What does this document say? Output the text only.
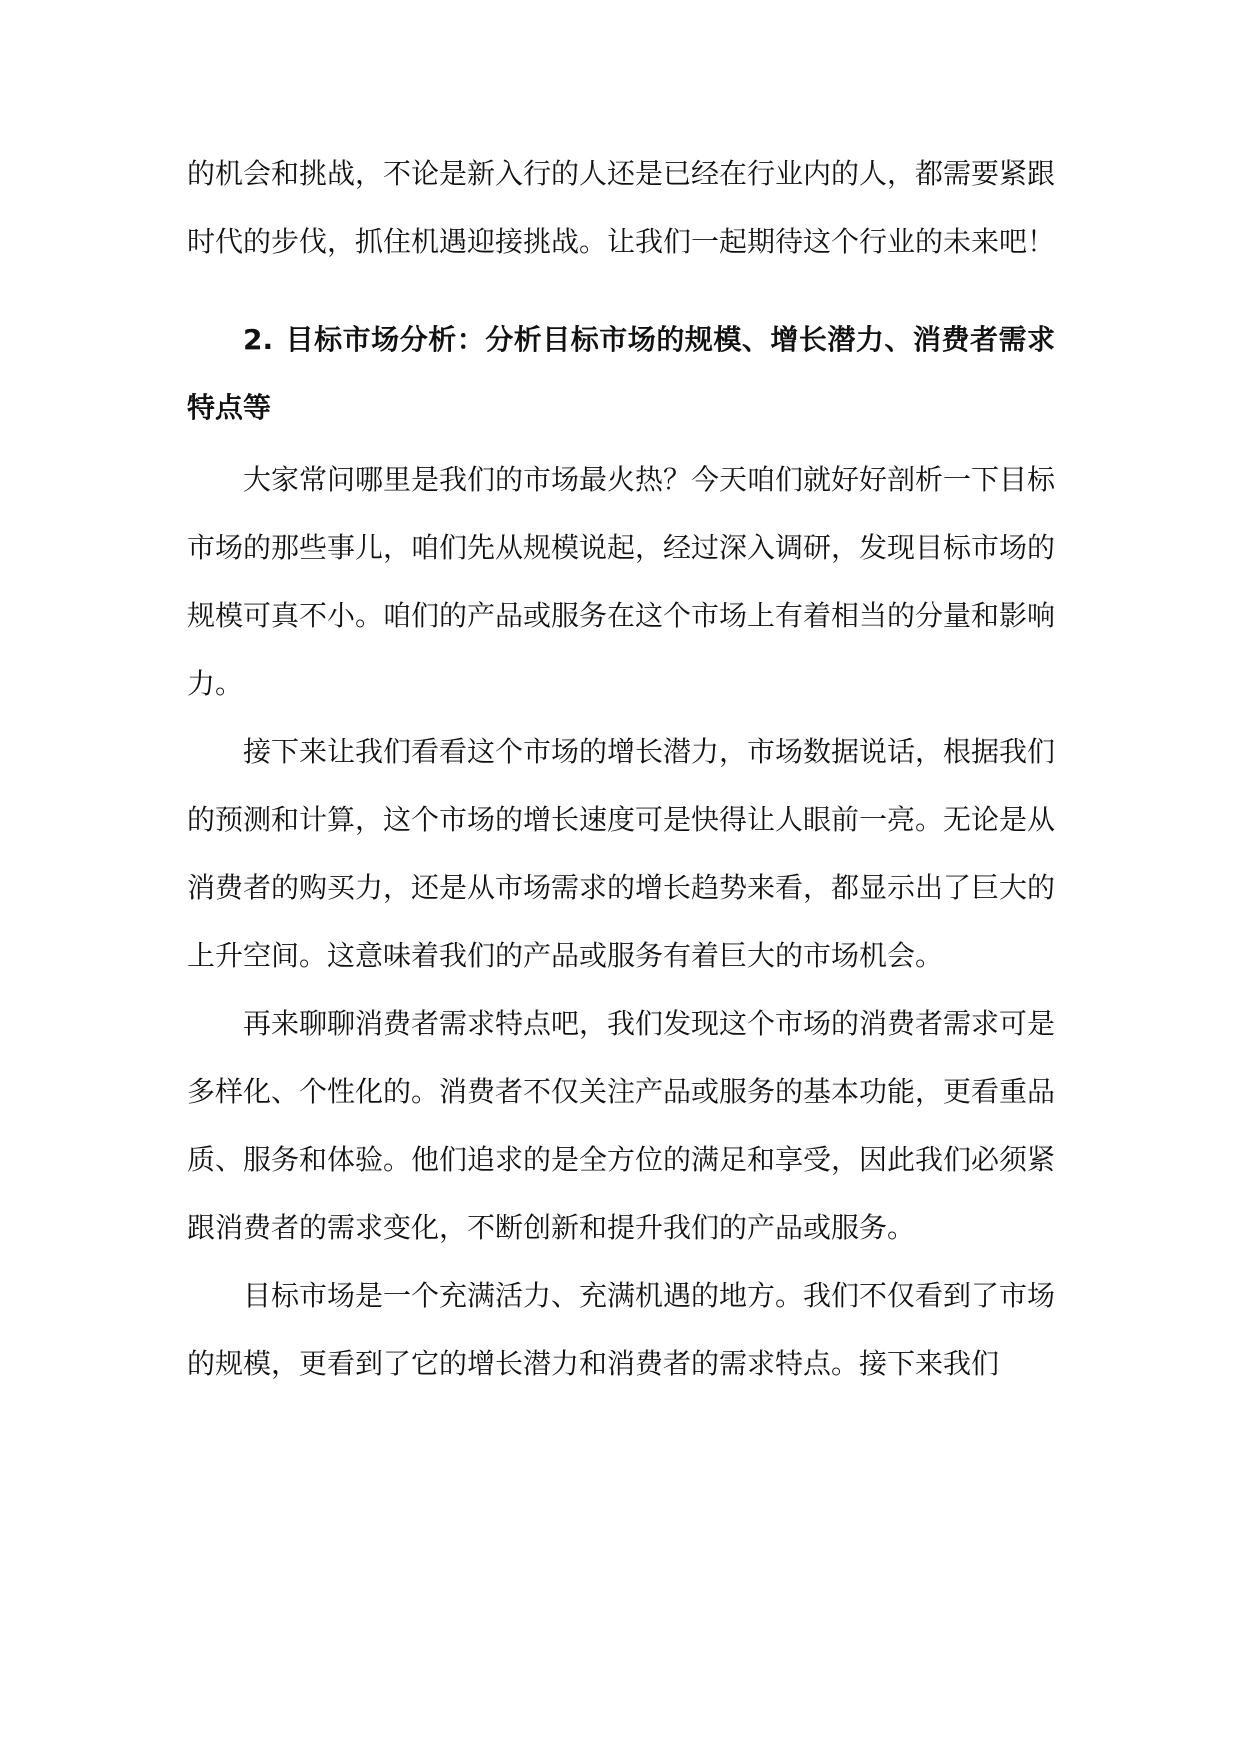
的机会和挑战，不论是新入行的人还是已经在行业内的人，都需要紧跟时代的步伐，抓住机遇迎接挑战。让我们一起期待这个行业的未来吧！

2. 目标市场分析：分析目标市场的规模、增长潜力、消费者需求特点等

大家常问哪里是我们的市场最火热？今天咱们就好好剖析一下目标市场的那些事儿，咱们先从规模说起，经过深入调研，发现目标市场的规模可真不小。咱们的产品或服务在这个市场上有着相当的分量和影响力。

接下来让我们看看这个市场的增长潜力，市场数据说话，根据我们的预测和计算，这个市场的增长速度可是快得让人眼前一亮。无论是从消费者的购买力，还是从市场需求的增长趋势来看，都显示出了巨大的上升空间。这意味着我们的产品或服务有着巨大的市场机会。

再来聊聊消费者需求特点吧，我们发现这个市场的消费者需求可是多样化、个性化的。消费者不仅关注产品或服务的基本功能，更看重品质、服务和体验。他们追求的是全方位的满足和享受，因此我们必须紧跟消费者的需求变化，不断创新和提升我们的产品或服务。

目标市场是一个充满活力、充满机遇的地方。我们不仅看到了市场的规模，更看到了它的增长潜力和消费者的需求特点。接下来我们
